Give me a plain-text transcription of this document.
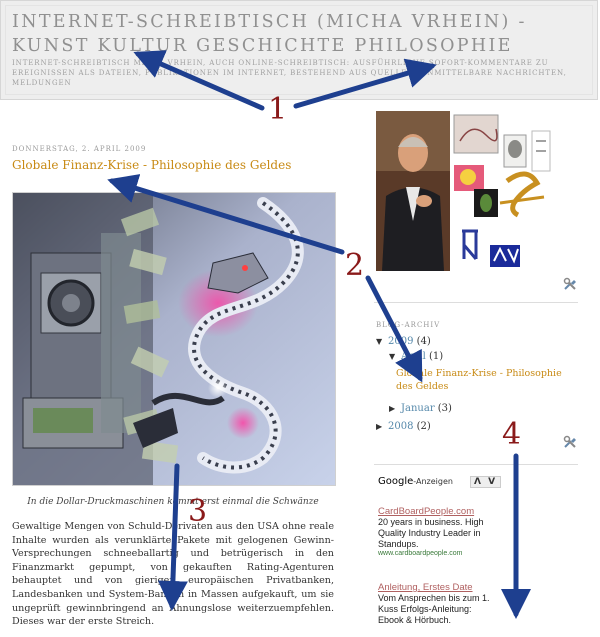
INTERNET-SCHREIBTISCH (MICHA VRHEIN) - KUNST KULTUR GESCHICHTE PHILOSOPHIE
INTERNET-SCHREIBTISCH MICHA VRHEIN, AUCH ONLINE-SCHREIBTISCH: AUSFÜHRLICHE SOFORT-KOMMENTARE ZU EREIGNISSEN ALS DATEIEN, PUBLIKATIONEN IM INTERNET, BESTEHEND AUS QUELLEN: UNMITTELBARE NACHRICHTEN, MELDUNGEN
DONNERSTAG, 2. APRIL 2009
Globale Finanz-Krise - Philosophie des Geldes
In die Dollar-Druckmaschinen kommt erst einmal die Schwänze
Gewaltige Mengen von Schuld-Derivaten aus den USA ohne reale Inhalte wurden als verunklärte Pakete mit gelogenen Gewinn-Versprechungen schneeballartig und betrügerisch in den Finanzmarkt gepumpt, von gekauften Rating-Agenturen behauptet und von gierigen europäischen Privatbanken, Landesbanken und System-Banken in Massen aufgekauft, um sie ungeprüft gewinnbringend an Ahnungslose weiterzuempfehlen. Dieses war der erste Streich.
BLOG-ARCHIV
▼ 2009 (4)
▼ April (1)
Globale Finanz-Krise - Philosophie des Geldes
▶ Januar (3)
▶ 2008 (2)
Google-Anzeigen	Λ V
CardBoardPeople.com
20 years in business. High Quality Industry Leader in Standups.
www.cardboardpeople.com
Anleitung, Erstes Date
Vom Ansprechen bis zum 1. Kuss Erfolgs-Anleitung: Ebook & Hörbuch.
1
2
3
4
